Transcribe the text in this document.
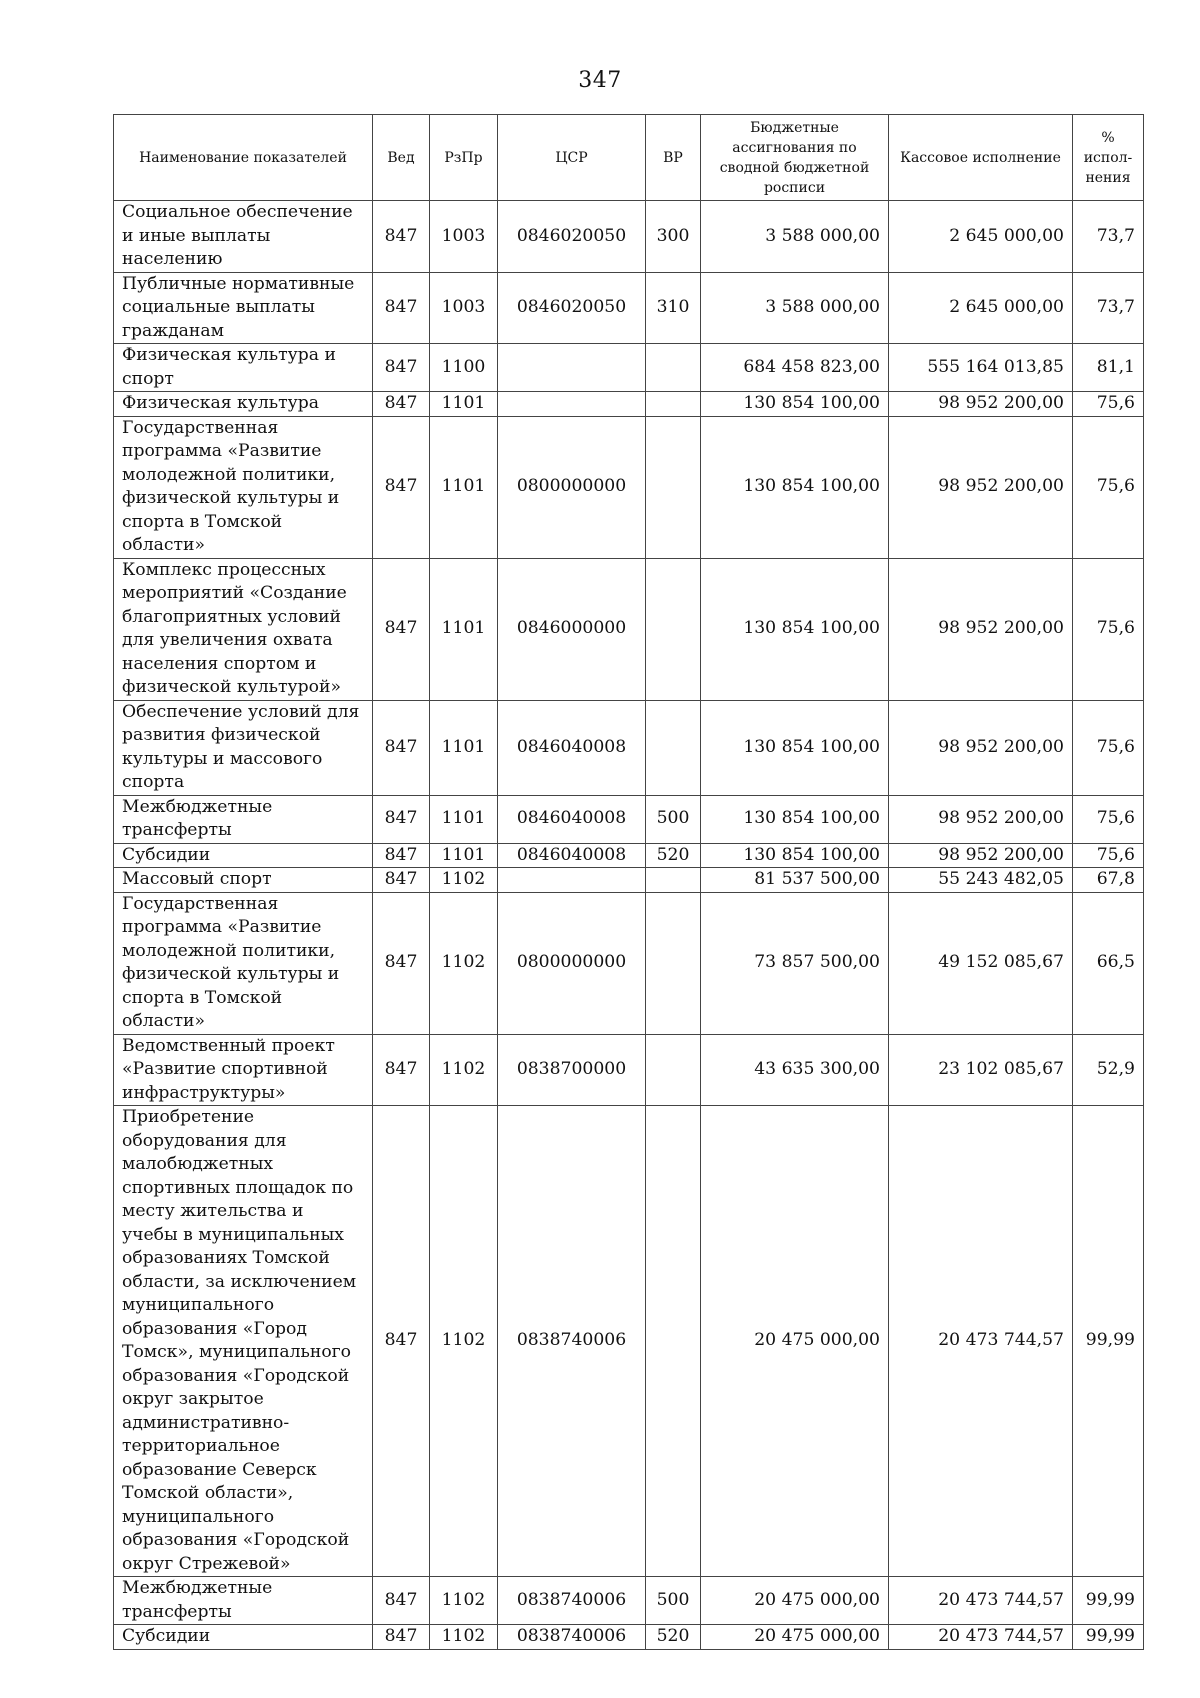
347
Наименование показателей	Вед	РзПр	ЦСР	ВР	Бюджетные ассигнования по сводной бюджетной росписи	Кассовое исполнение	% испол-нения
Социальное обеспечение и иные выплаты населению	847	1003	0846020050	300	3 588 000,00	2 645 000,00	73,7
Публичные нормативные социальные выплаты гражданам	847	1003	0846020050	310	3 588 000,00	2 645 000,00	73,7
Физическая культура и спорт	847	1100			684 458 823,00	555 164 013,85	81,1
Физическая культура	847	1101			130 854 100,00	98 952 200,00	75,6
Государственная программа «Развитие молодежной политики, физической культуры и спорта в Томской области»	847	1101	0800000000		130 854 100,00	98 952 200,00	75,6
Комплекс процессных мероприятий «Создание благоприятных условий для увеличения охвата населения спортом и физической культурой»	847	1101	0846000000		130 854 100,00	98 952 200,00	75,6
Обеспечение условий для развития физической культуры и массового спорта	847	1101	0846040008		130 854 100,00	98 952 200,00	75,6
Межбюджетные трансферты	847	1101	0846040008	500	130 854 100,00	98 952 200,00	75,6
Субсидии	847	1101	0846040008	520	130 854 100,00	98 952 200,00	75,6
Массовый спорт	847	1102			81 537 500,00	55 243 482,05	67,8
Государственная программа «Развитие молодежной политики, физической культуры и спорта в Томской области»	847	1102	0800000000		73 857 500,00	49 152 085,67	66,5
Ведомственный проект «Развитие спортивной инфраструктуры»	847	1102	0838700000		43 635 300,00	23 102 085,67	52,9
Приобретение оборудования для малобюджетных спортивных площадок по месту жительства и учебы в муниципальных образованиях Томской области, за исключением муниципального образования «Город Томск», муниципального образования «Городской округ закрытое административно-территориальное образование Северск Томской области», муниципального образования «Городской округ Стрежевой»	847	1102	0838740006		20 475 000,00	20 473 744,57	99,99
Межбюджетные трансферты	847	1102	0838740006	500	20 475 000,00	20 473 744,57	99,99
Субсидии	847	1102	0838740006	520	20 475 000,00	20 473 744,57	99,99
